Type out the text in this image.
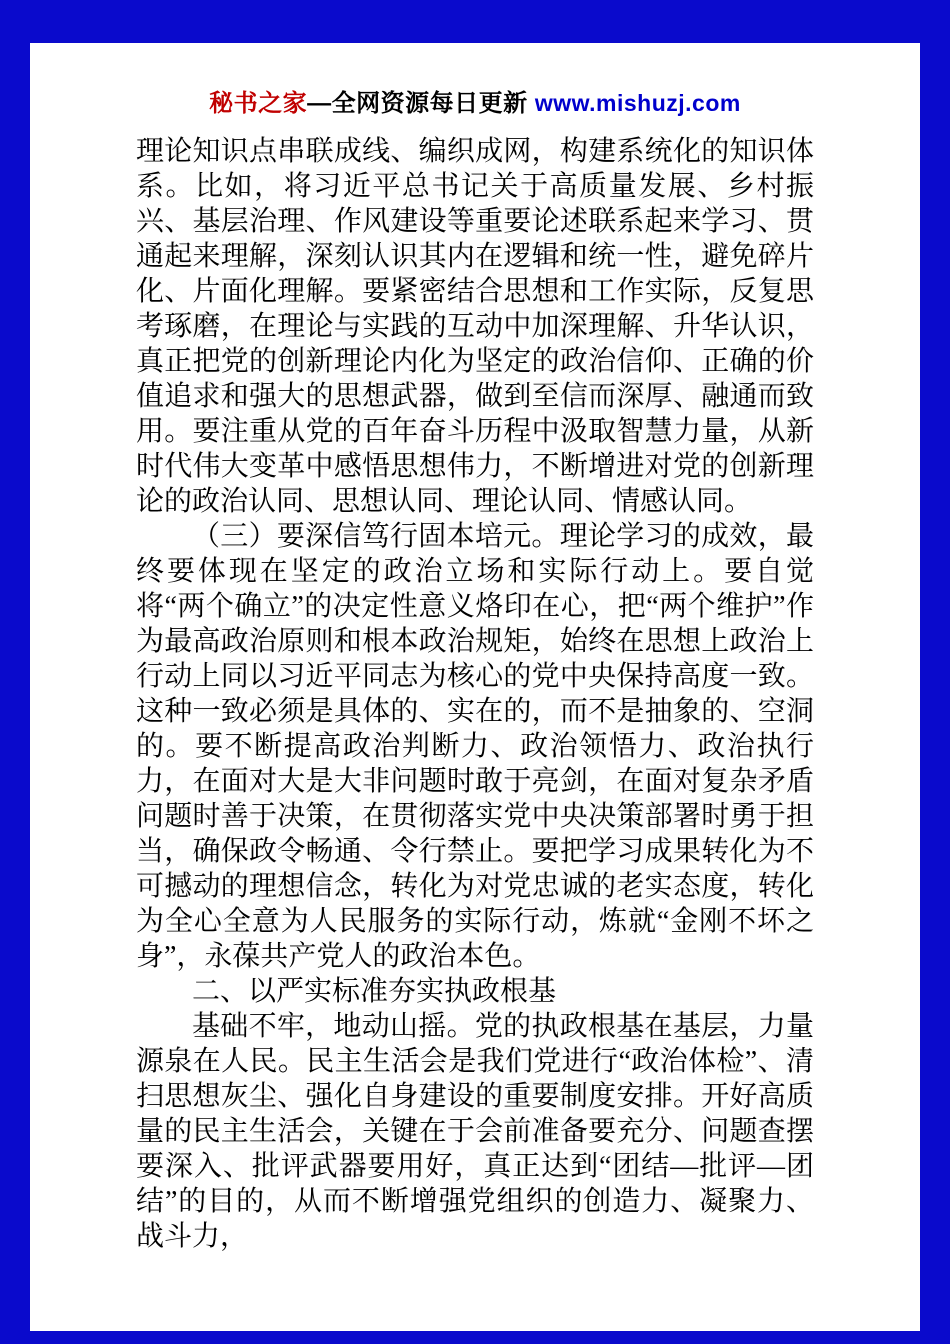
秘书之家—全网资源每日更新 www.mishuzj.com

理论知识点串联成线、编织成网，构建系统化的知识体系。比如，将习近平总书记关于高质量发展、乡村振兴、基层治理、作风建设等重要论述联系起来学习、贯通起来理解，深刻认识其内在逻辑和统一性，避免碎片化、片面化理解。要紧密结合思想和工作实际，反复思考琢磨，在理论与实践的互动中加深理解、升华认识，真正把党的创新理论内化为坚定的政治信仰、正确的价值追求和强大的思想武器，做到至信而深厚、融通而致用。要注重从党的百年奋斗历程中汲取智慧力量，从新时代伟大变革中感悟思想伟力，不断增进对党的创新理论的政治认同、思想认同、理论认同、情感认同。

（三）要深信笃行固本培元。理论学习的成效，最终要体现在坚定的政治立场和实际行动上。要自觉将“两个确立”的决定性意义烙印在心，把“两个维护”作为最高政治原则和根本政治规矩，始终在思想上政治上行动上同以习近平同志为核心的党中央保持高度一致。这种一致必须是具体的、实在的，而不是抽象的、空洞的。要不断提高政治判断力、政治领悟力、政治执行力，在面对大是大非问题时敢于亮剑，在面对复杂矛盾问题时善于决策，在贯彻落实党中央决策部署时勇于担当，确保政令畅通、令行禁止。要把学习成果转化为不可撼动的理想信念，转化为对党忠诚的老实态度，转化为全心全意为人民服务的实际行动，炼就“金刚不坏之身”，永葆共产党人的政治本色。

二、以严实标准夯实执政根基

基础不牢，地动山摇。党的执政根基在基层，力量源泉在人民。民主生活会是我们党进行“政治体检”、清扫思想灰尘、强化自身建设的重要制度安排。开好高质量的民主生活会，关键在于会前准备要充分、问题查摆要深入、批评武器要用好，真正达到“团结—批评—团结”的目的，从而不断增强党组织的创造力、凝聚力、战斗力，
